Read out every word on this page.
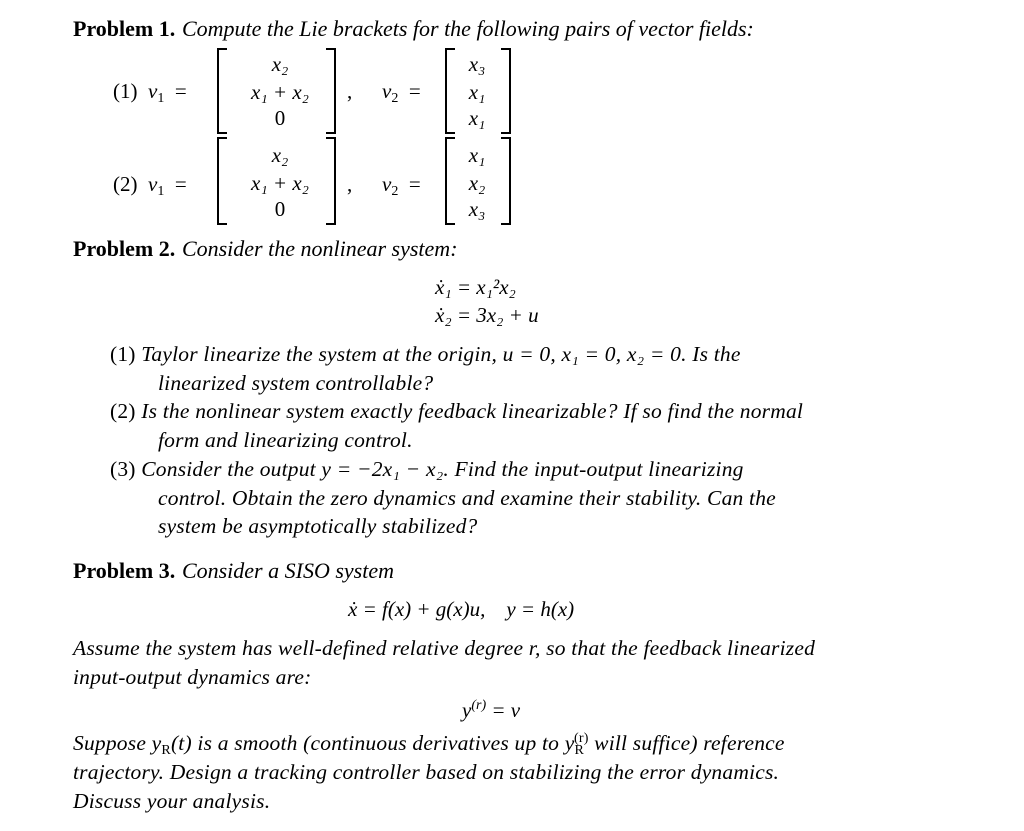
Problem 1. Compute the Lie brackets for the following pairs of vector fields:
(1) $v_1$ =
x₂
x₁ + x₂
0
, $v_2$ =
x₃
x₁
x₁
(2) $v_1$ =
x₂
x₁ + x₂
0
, $v_2$ =
x₁
x₂
x₃
Problem 2. Consider the nonlinear system:
ẋ₁ = x₁²x₂
ẋ₂ = 3x₂ + u
(1) Taylor linearize the system at the origin, u = 0, x₁ = 0, x₂ = 0. Is the
linearized system controllable?
(2) Is the nonlinear system exactly feedback linearizable? If so find the normal
form and linearizing control.
(3) Consider the output y = −2x₁ − x₂. Find the input-output linearizing
control. Obtain the zero dynamics and examine their stability. Can the
system be asymptotically stabilized?
Problem 3. Consider a SISO system
ẋ = f(x) + g(x)u,    y = h(x)
Assume the system has well-defined relative degree r, so that the feedback linearized
input-output dynamics are:
$y^{(r)} = v$
Suppose $y_R(t)$ is a smooth (continuous derivatives up to $y_R^{(r)}$ will suffice) reference
trajectory. Design a tracking controller based on stabilizing the error dynamics.
Discuss your analysis.
